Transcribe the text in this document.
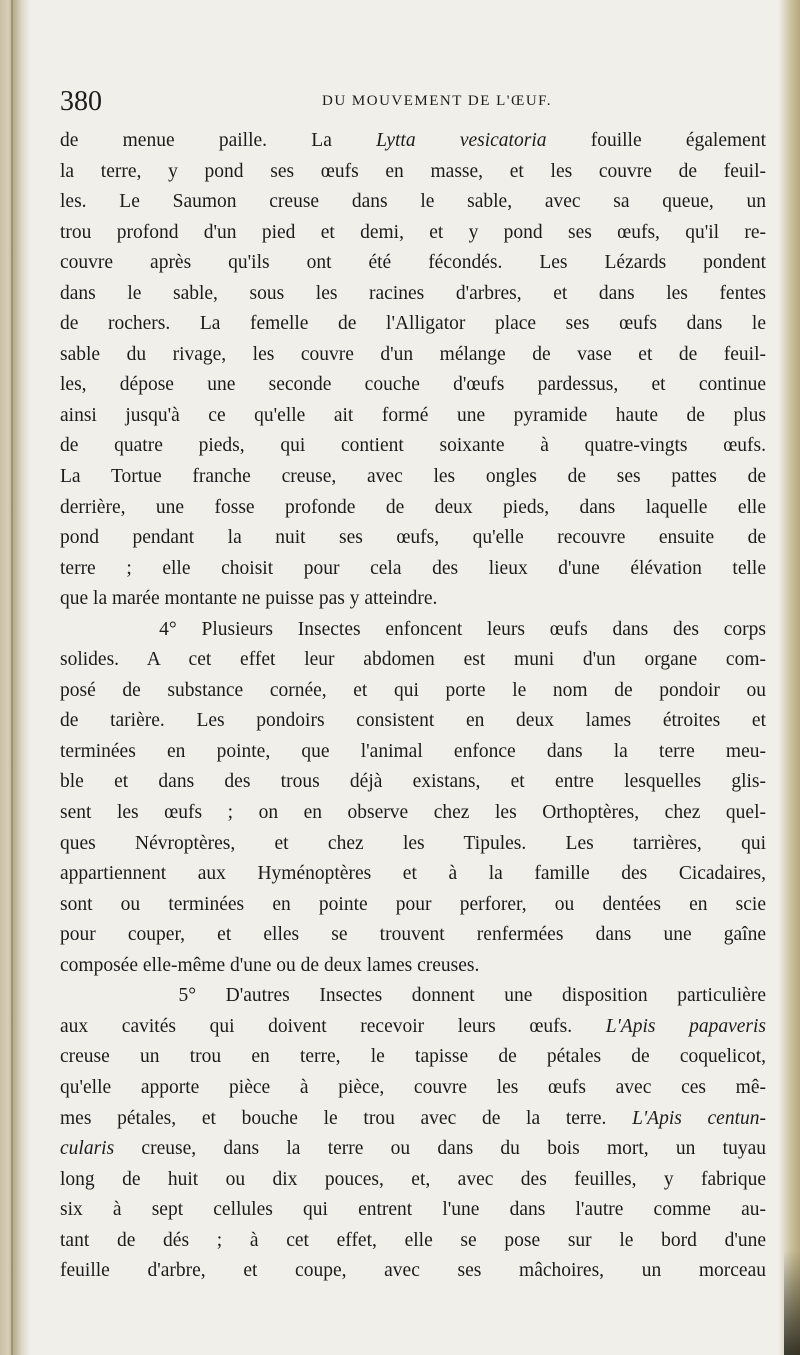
380	DU MOUVEMENT DE L'ŒUF.
de menue paille. La Lytta vesicatoria fouille également
la terre, y pond ses œufs en masse, et les couvre de feuil-
les. Le Saumon creuse dans le sable, avec sa queue, un
trou profond d'un pied et demi, et y pond ses œufs, qu'il re-
couvre après qu'ils ont été fécondés. Les Lézards pondent
dans le sable, sous les racines d'arbres, et dans les fentes
de rochers. La femelle de l'Alligator place ses œufs dans le
sable du rivage, les couvre d'un mélange de vase et de feuil-
les, dépose une seconde couche d'œufs pardessus, et continue
ainsi jusqu'à ce qu'elle ait formé une pyramide haute de plus
de quatre pieds, qui contient soixante à quatre-vingts œufs.
La Tortue franche creuse, avec les ongles de ses pattes de
derrière, une fosse profonde de deux pieds, dans laquelle elle
pond pendant la nuit ses œufs, qu'elle recouvre ensuite de
terre ; elle choisit pour cela des lieux d'une élévation telle
que la marée montante ne puisse pas y atteindre.
4° Plusieurs Insectes enfoncent leurs œufs dans des corps
solides. A cet effet leur abdomen est muni d'un organe com-
posé de substance cornée, et qui porte le nom de pondoir ou
de tarière. Les pondoirs consistent en deux lames étroites et
terminées en pointe, que l'animal enfonce dans la terre meu-
ble et dans des trous déjà existans, et entre lesquelles glis-
sent les œufs ; on en observe chez les Orthoptères, chez quel-
ques Névroptères, et chez les Tipules. Les tarrières, qui
appartiennent aux Hyménoptères et à la famille des Cicadaires,
sont ou terminées en pointe pour perforer, ou dentées en scie
pour couper, et elles se trouvent renfermées dans une gaîne
composée elle-même d'une ou de deux lames creuses.
5° D'autres Insectes donnent une disposition particulière
aux cavités qui doivent recevoir leurs œufs. L'Apis papaveris
creuse un trou en terre, le tapisse de pétales de coquelicot,
qu'elle apporte pièce à pièce, couvre les œufs avec ces mê-
mes pétales, et bouche le trou avec de la terre. L'Apis centun-
cularis creuse, dans la terre ou dans du bois mort, un tuyau
long de huit ou dix pouces, et, avec des feuilles, y fabrique
six à sept cellules qui entrent l'une dans l'autre comme au-
tant de dés ; à cet effet, elle se pose sur le bord d'une
feuille d'arbre, et coupe, avec ses mâchoires, un morceau
